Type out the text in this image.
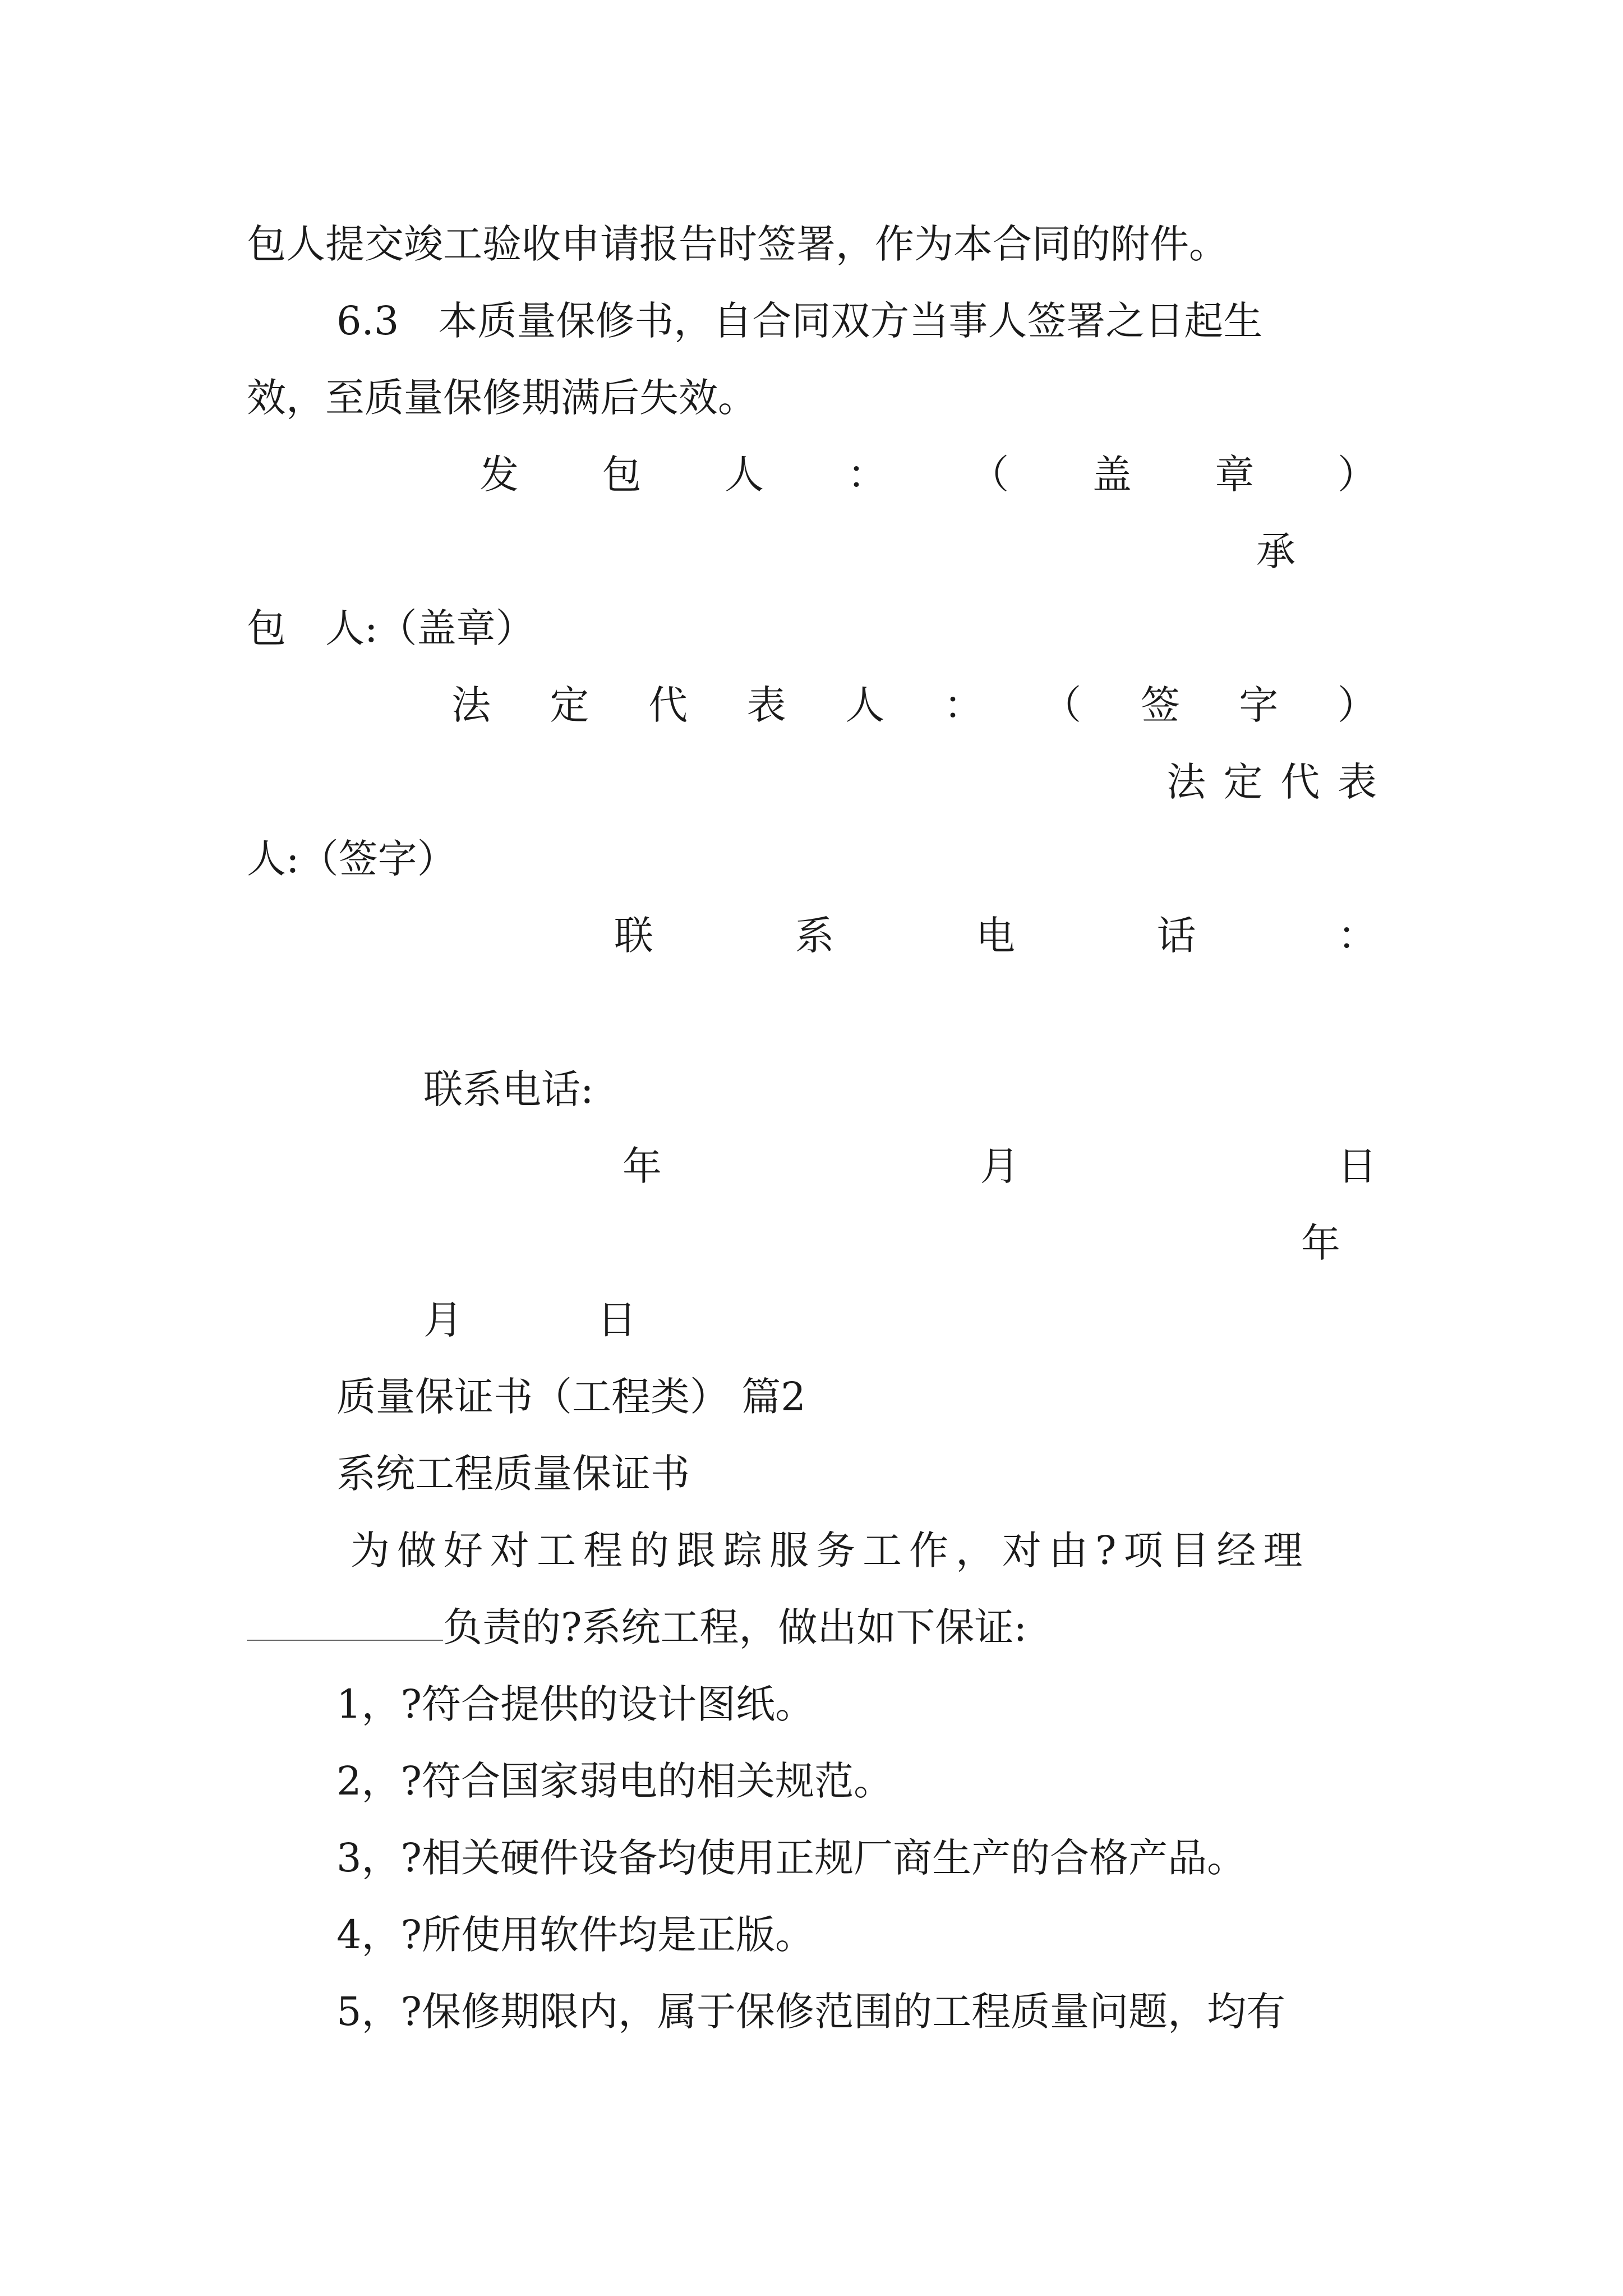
包人提交竣工验收申请报告时签署，作为本合同的附件。
6.3　本质量保修书，自合同双方当事人签署之日起生
效，至质量保修期满后失效。
发 包 人 ： （ 盖 章 ）
承
包　人:（盖章）
法 定 代 表 人 ： （ 签 字 ）
法 定 代 表
人:（签字）
联	系	电	话	：
联系电话:
年	月	日
年
月	日
质量保证书（工程类） 篇2
系统工程质量保证书
为做好对工程的跟踪服务工作，对由?项目经理
负责的?系统工程，做出如下保证:
1，?符合提供的设计图纸。
2，?符合国家弱电的相关规范。
3，?相关硬件设备均使用正规厂商生产的合格产品。
4，?所使用软件均是正版。
5，?保修期限内，属于保修范围的工程质量问题，均有
